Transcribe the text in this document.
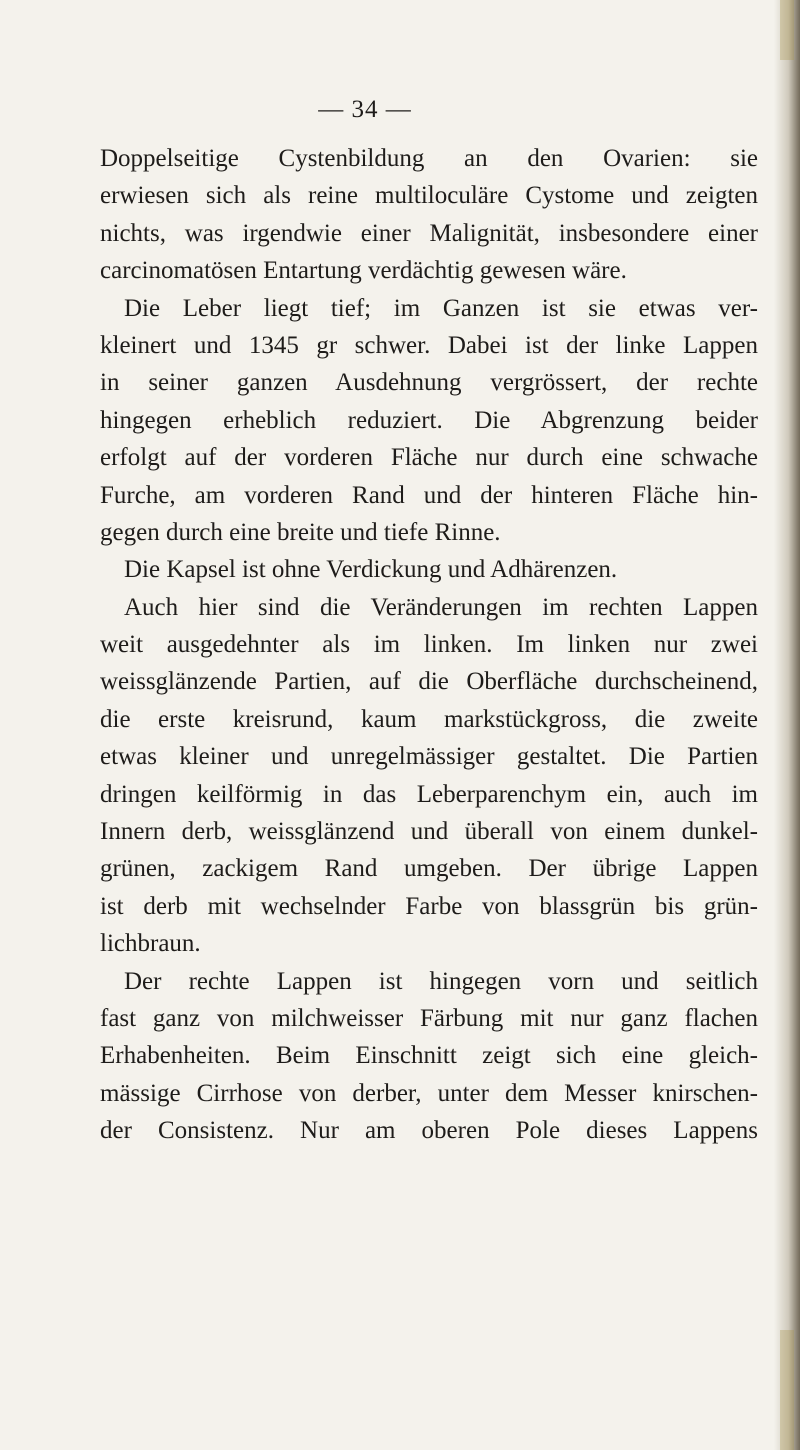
— 34 —
Doppelseitige Cystenbildung an den Ovarien: sie
erwiesen sich als reine multiloculäre Cystome und zeigten
nichts, was irgendwie einer Malignität, insbesondere einer
carcinomatösen Entartung verdächtig gewesen wäre.
Die Leber liegt tief; im Ganzen ist sie etwas ver-
kleinert und 1345 gr schwer. Dabei ist der linke Lappen
in seiner ganzen Ausdehnung vergrössert, der rechte
hingegen erheblich reduziert. Die Abgrenzung beider
erfolgt auf der vorderen Fläche nur durch eine schwache
Furche, am vorderen Rand und der hinteren Fläche hin-
gegen durch eine breite und tiefe Rinne.
Die Kapsel ist ohne Verdickung und Adhärenzen.
Auch hier sind die Veränderungen im rechten Lappen
weit ausgedehnter als im linken. Im linken nur zwei
weissglänzende Partien, auf die Oberfläche durchscheinend,
die erste kreisrund, kaum markstückgross, die zweite
etwas kleiner und unregelmässiger gestaltet. Die Partien
dringen keilförmig in das Leberparenchym ein, auch im
Innern derb, weissglänzend und überall von einem dunkel-
grünen, zackigem Rand umgeben. Der übrige Lappen
ist derb mit wechselnder Farbe von blassgrün bis grün-
lichbraun.
Der rechte Lappen ist hingegen vorn und seitlich
fast ganz von milchweisser Färbung mit nur ganz flachen
Erhabenheiten. Beim Einschnitt zeigt sich eine gleich-
mässige Cirrhose von derber, unter dem Messer knirschen-
der Consistenz. Nur am oberen Pole dieses Lappens
